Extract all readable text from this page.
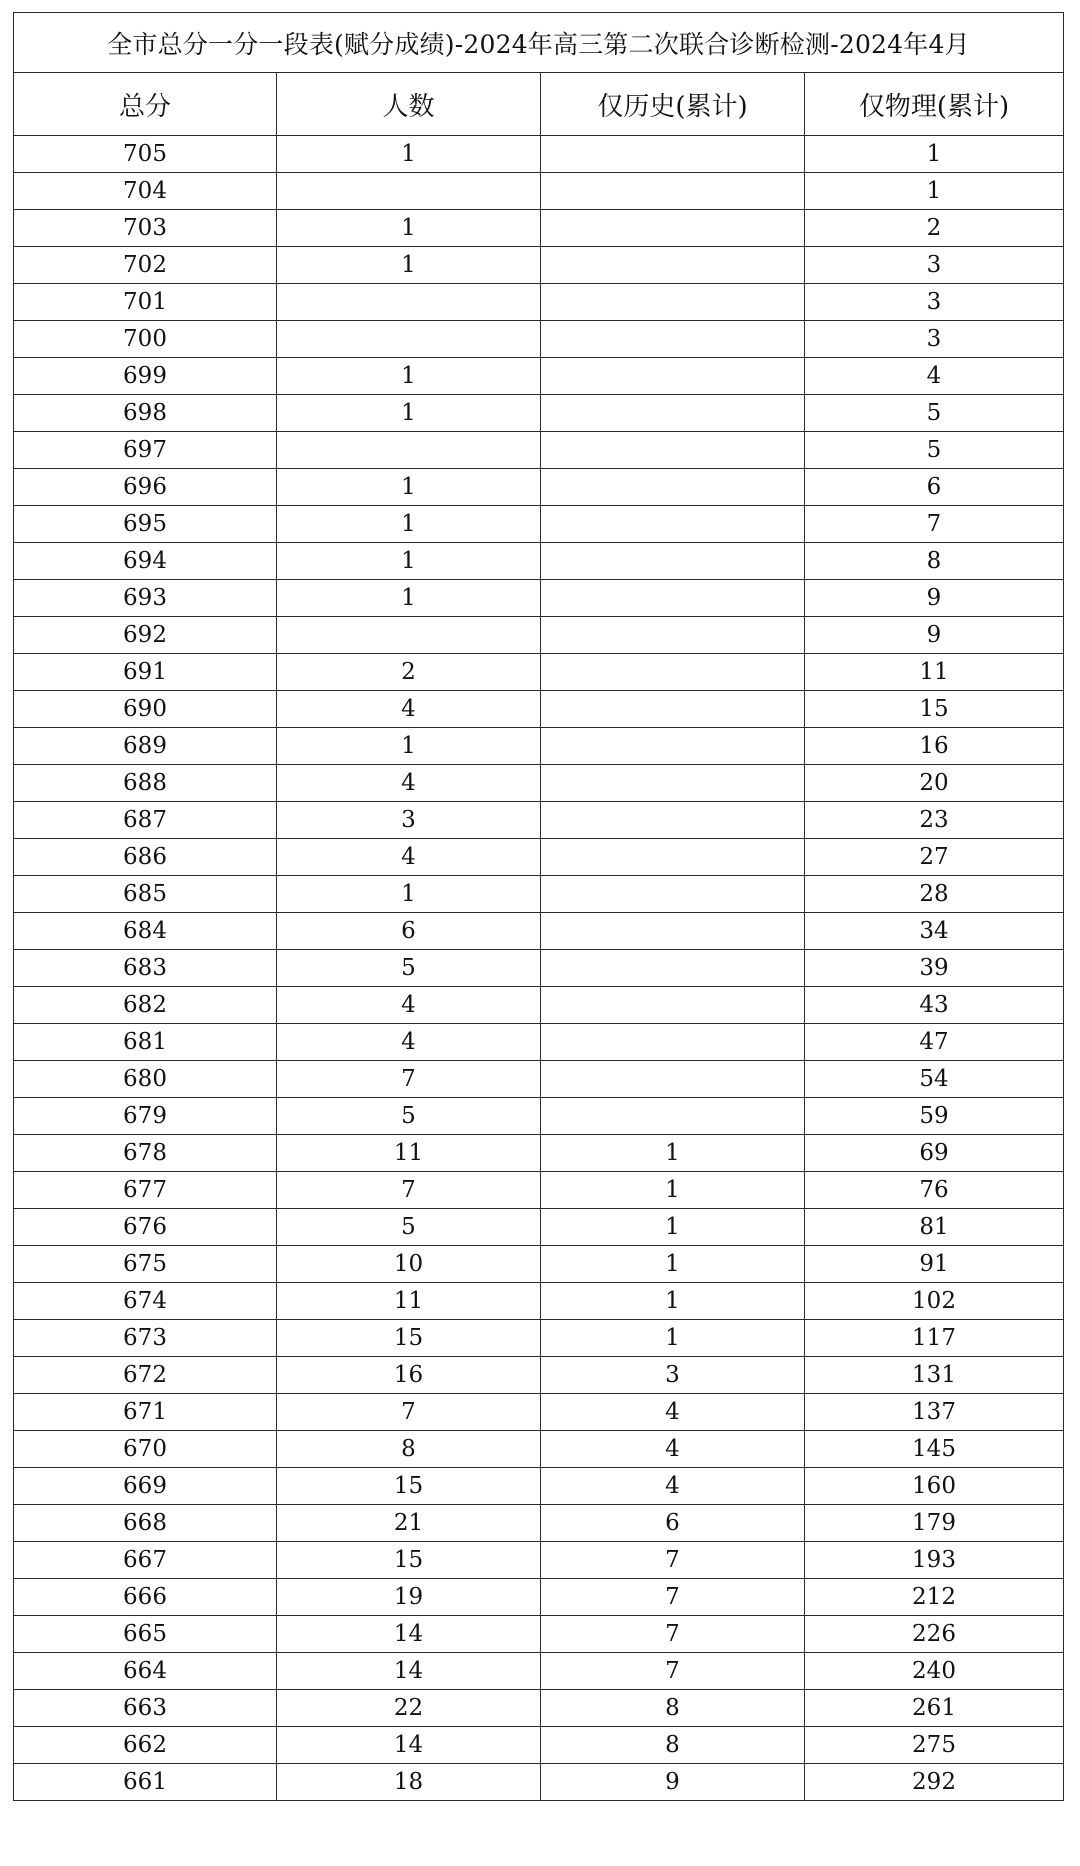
全市总分一分一段表(赋分成绩)-2024年高三第二次联合诊断检测-2024年4月			
总分	人数	仅历史(累计)	仅物理(累计)
705	1		1
704			1
703	1		2
702	1		3
701			3
700			3
699	1		4
698	1		5
697			5
696	1		6
695	1		7
694	1		8
693	1		9
692			9
691	2		11
690	4		15
689	1		16
688	4		20
687	3		23
686	4		27
685	1		28
684	6		34
683	5		39
682	4		43
681	4		47
680	7		54
679	5		59
678	11	1	69
677	7	1	76
676	5	1	81
675	10	1	91
674	11	1	102
673	15	1	117
672	16	3	131
671	7	4	137
670	8	4	145
669	15	4	160
668	21	6	179
667	15	7	193
666	19	7	212
665	14	7	226
664	14	7	240
663	22	8	261
662	14	8	275
661	18	9	292
